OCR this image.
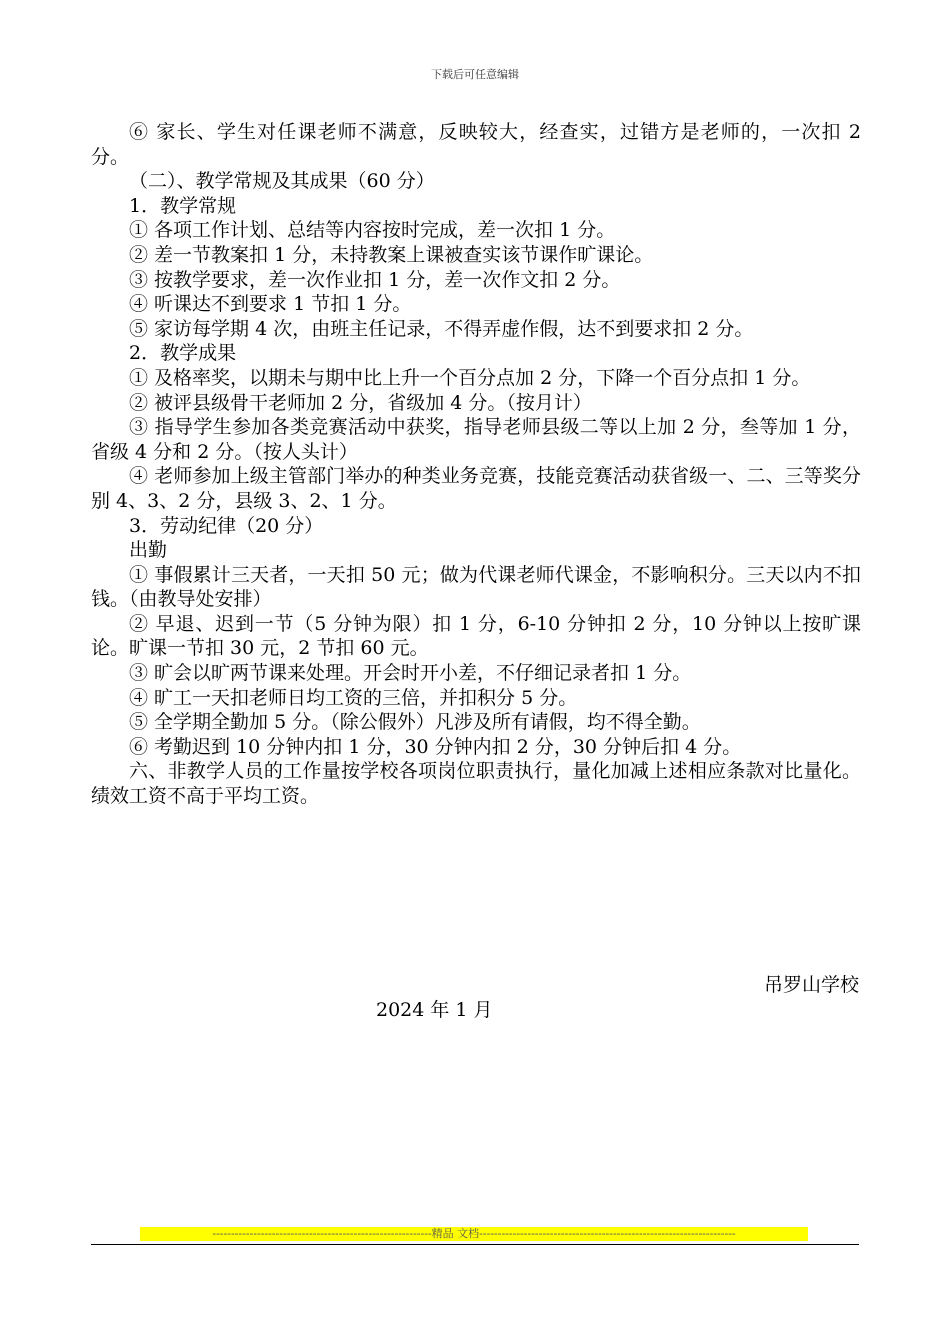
下载后可任意编辑

⑥ 家长、学生对任课老师不满意，反映较大，经查实，过错方是老师的，一次扣 2 分。

（二）、教学常规及其成果（60 分）

1．教学常规

① 各项工作计划、总结等内容按时完成，差一次扣 1 分。

② 差一节教案扣 1 分，未持教案上课被查实该节课作旷课论。

③ 按教学要求，差一次作业扣 1 分，差一次作文扣 2 分。

④ 听课达不到要求 1 节扣 1 分。

⑤ 家访每学期 4 次，由班主任记录，不得弄虚作假，达不到要求扣 2 分。

2．教学成果

① 及格率奖，以期未与期中比上升一个百分点加 2 分，下降一个百分点扣 1 分。

② 被评县级骨干老师加 2 分，省级加 4 分。（按月计）

③ 指导学生参加各类竞赛活动中获奖，指导老师县级二等以上加 2 分，叁等加 1 分，省级 4 分和 2 分。（按人头计）

④ 老师参加上级主管部门举办的种类业务竞赛，技能竞赛活动获省级一、二、三等奖分别 4、3、2 分，县级 3、2、1 分。

3．劳动纪律（20 分）

出勤

① 事假累计三天者，一天扣 50 元；做为代课老师代课金，不影响积分。三天以内不扣钱。（由教导处安排）

② 早退、迟到一节（5 分钟为限）扣 1 分，6-10 分钟扣 2 分，10 分钟以上按旷课论。旷课一节扣 30 元，2 节扣 60 元。

③ 旷会以旷两节课来处理。开会时开小差，不仔细记录者扣 1 分。

④ 旷工一天扣老师日均工资的三倍，并扣积分 5 分。

⑤ 全学期全勤加 5 分。（除公假外）凡涉及所有请假，均不得全勤。

⑥ 考勤迟到 10 分钟内扣 1 分，30 分钟内扣 2 分，30 分钟后扣 4 分。

六、非教学人员的工作量按学校各项岗位职责执行，量化加减上述相应条款对比量化。绩效工资不高于平均工资。

吊罗山学校
2024 年 1 月
-----------------------------------------------------------精品 文档---------------------------------------------------------------------
